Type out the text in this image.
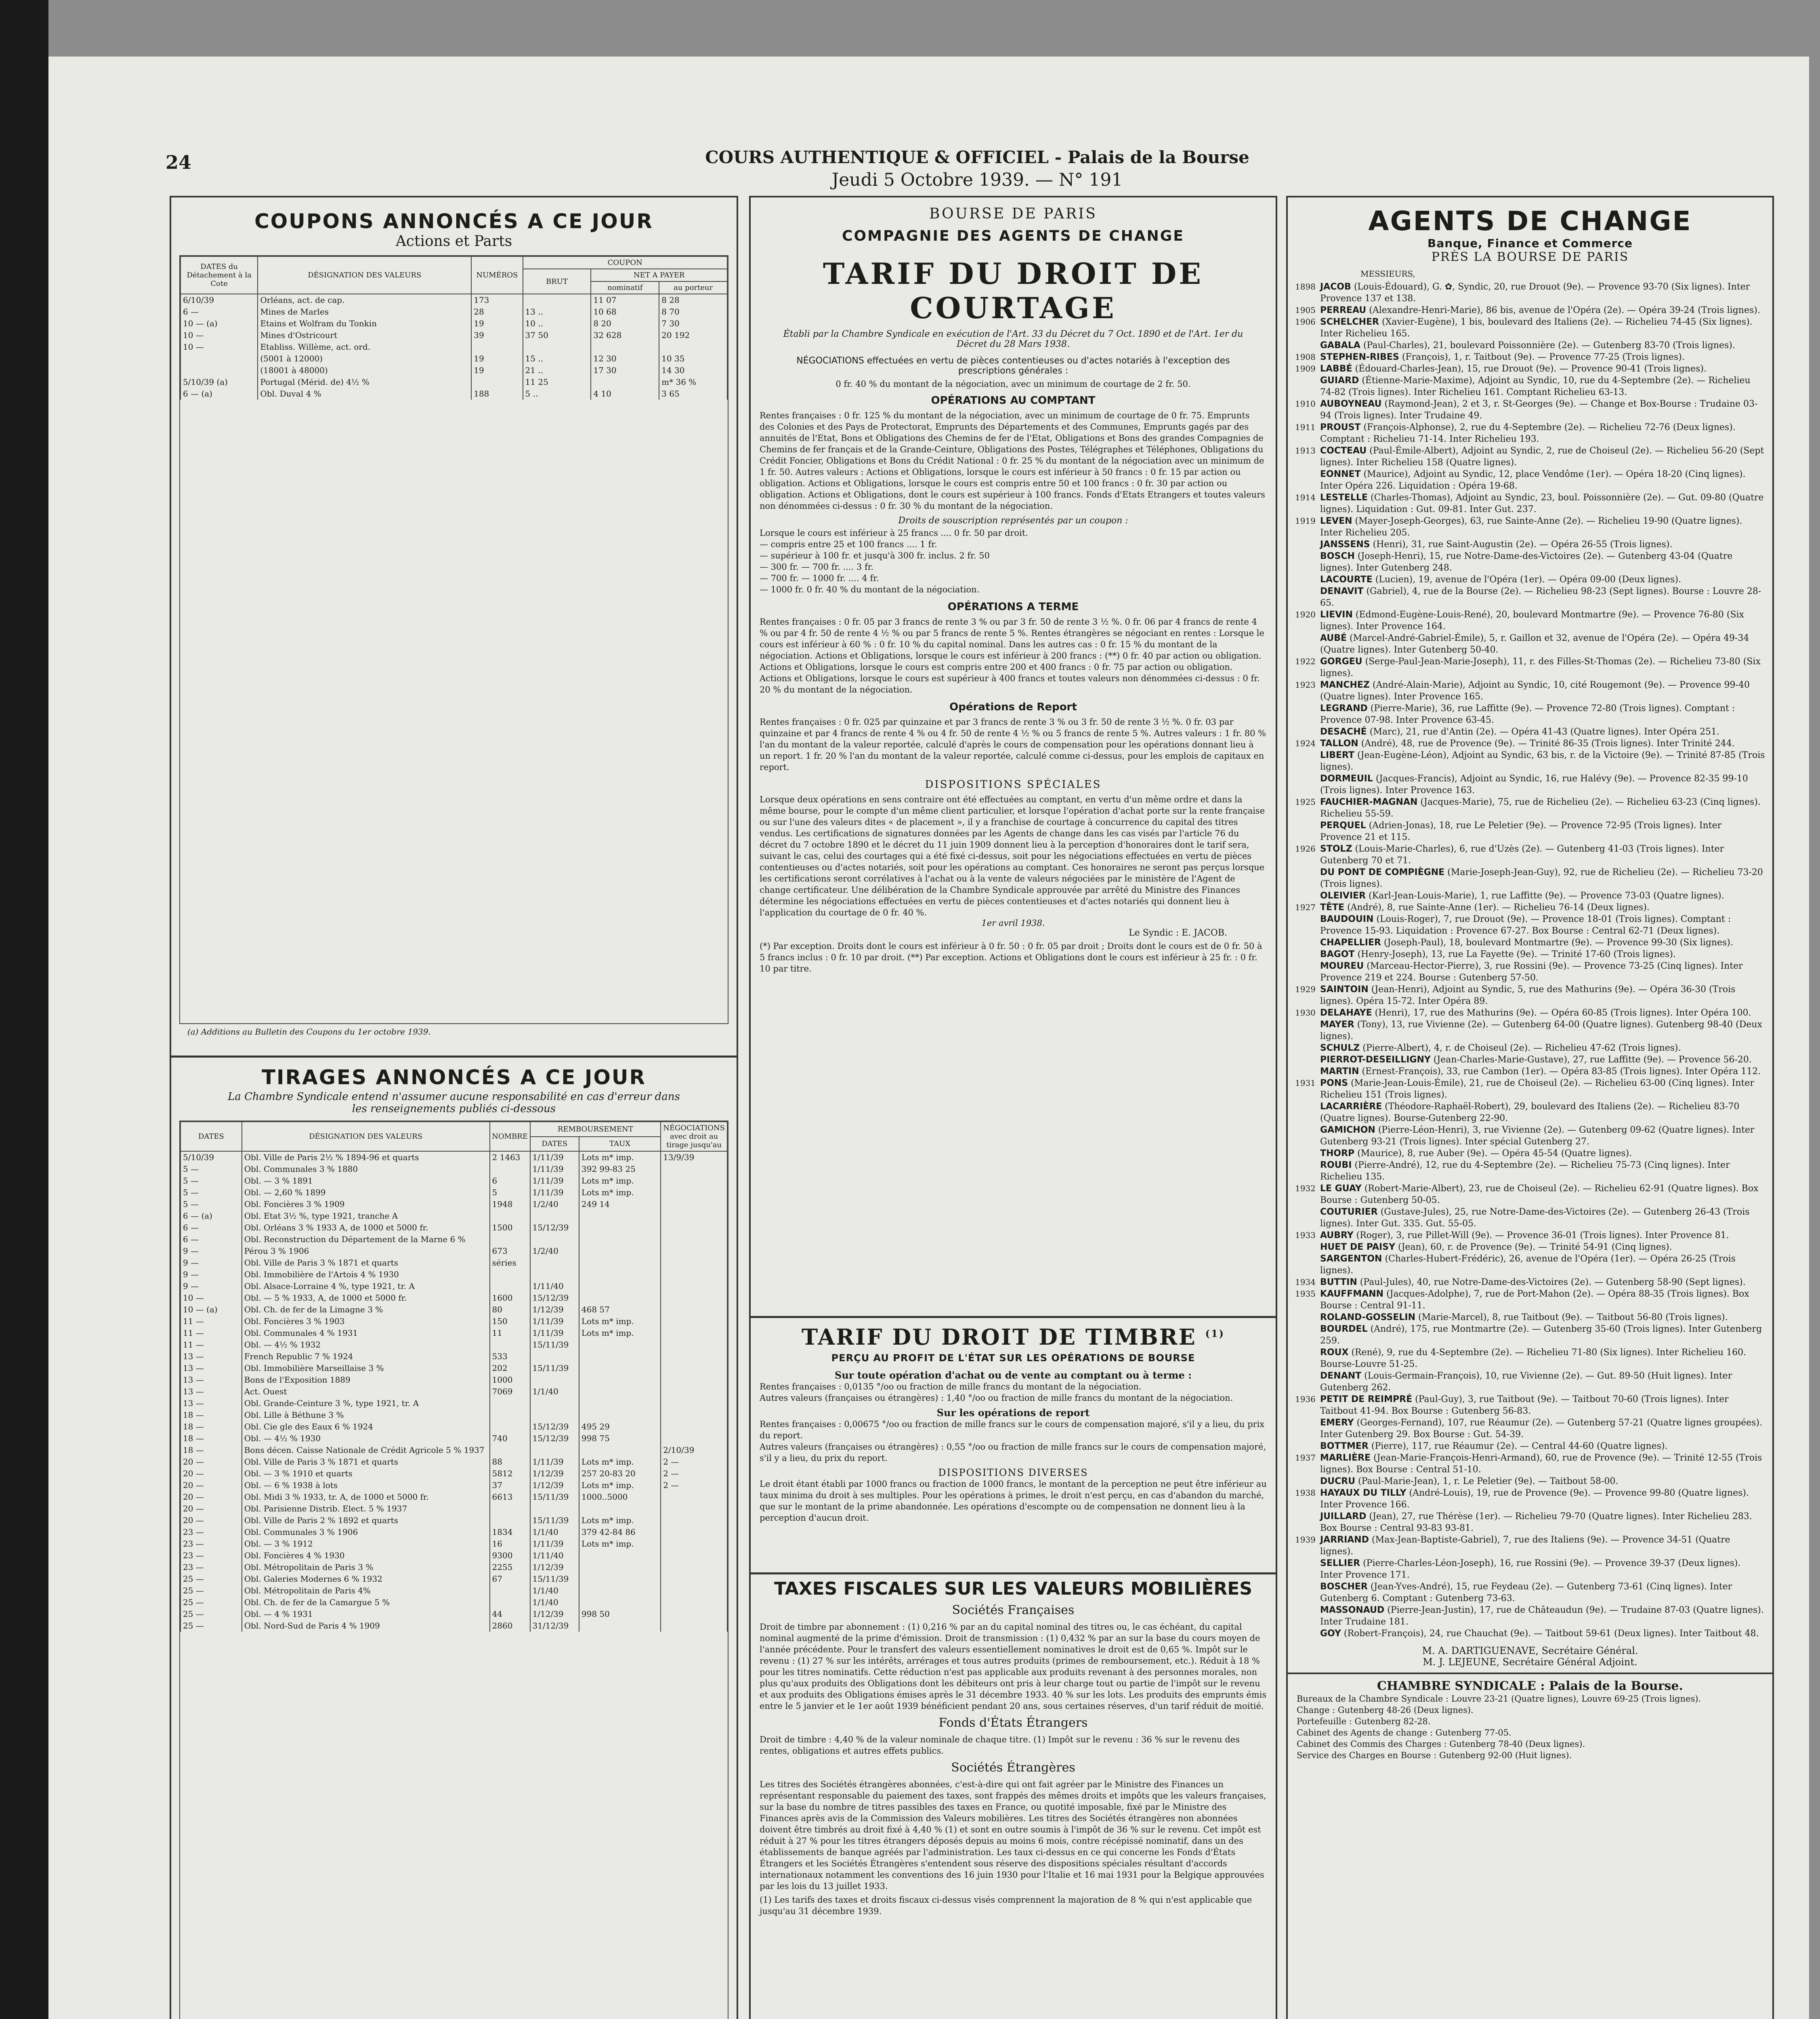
24	COURS AUTHENTIQUE & OFFICIEL - Palais de la Bourse
Jeudi 5 Octobre 1939. — N° 191
COUPONS ANNONCÉS A CE JOUR
Actions et Parts
DATES du Détachement à la Cote	DÉSIGNATION DES VALEURS	NUMÉROS	COUPON		
			BRUT	NET A PAYER	
				nominatif	au porteur
6/10/39	Orléans, act. de cap.	173		11 07	8 28
6 —	Mines de Marles	28	13 ..	10 68	8 70
10 — (a)	Etains et Wolfram du Tonkin	19	10 ..	8 20	7 30
10 —	Mines d'Ostricourt	39	37 50	32 628	20 192
10 —	Etabliss. Willème, act. ord.				
	(5001 à 12000)	19	15 ..	12 30	10 35
	(18001 à 48000)	19	21 ..	17 30	14 30
5/10/39 (a)	Portugal (Mérid. de) 4½ %		11 25		m* 36 %
6 — (a)	Obl. Duval 4 %	188	5 ..	4 10	3 65
(a) Additions au Bulletin des Coupons du 1er octobre 1939.
TIRAGES ANNONCÉS A CE JOUR
La Chambre Syndicale entend n'assumer aucune responsabilité en cas d'erreur dans les renseignements publiés ci-dessous
DATES	DÉSIGNATION DES VALEURS	NOMBRE	REMBOURSEMENT		NÉGOCIATIONS avec droit au tirage jusqu'au
			DATES	TAUX	
5/10/39	Obl. Ville de Paris 2½ % 1894-96 et quarts	2 1463	1/11/39	Lots m* imp.	13/9/39
5 —	Obl. Communales 3 % 1880		1/11/39	392 99-83 25	
5 —	Obl. — 3 % 1891	6	1/11/39	Lots m* imp.	
5 —	Obl. — 2,60 % 1899	5	1/11/39	Lots m* imp.	
5 —	Obl. Foncières 3 % 1909	1948	1/2/40	249 14	
6 — (a)	Obl. Etat 3½ %, type 1921, tranche A				
6 —	Obl. Orléans 3 % 1933 A, de 1000 et 5000 fr.	1500	15/12/39		
6 —	Obl. Reconstruction du Département de la Marne 6 %				
9 —	Pérou 3 % 1906	673	1/2/40		
9 —	Obl. Ville de Paris 3 % 1871 et quarts	séries			
9 —	Obl. Immobilière de l'Artois 4 % 1930				
9 —	Obl. Alsace-Lorraine 4 %, type 1921, tr. A		1/11/40		
10 —	Obl. — 5 % 1933, A, de 1000 et 5000 fr.	1600	15/12/39		
10 — (a)	Obl. Ch. de fer de la Limagne 3 %	80	1/12/39	468 57	
11 —	Obl. Foncières 3 % 1903	150	1/11/39	Lots m* imp.	
11 —	Obl. Communales 4 % 1931	11	1/11/39	Lots m* imp.	
11 —	Obl. — 4½ % 1932		15/11/39		
13 —	French Republic 7 % 1924	533			
13 —	Obl. Immobilière Marseillaise 3 %	202	15/11/39		
13 —	Bons de l'Exposition 1889	1000			
13 —	Act. Ouest	7069	1/1/40		
13 —	Obl. Grande-Ceinture 3 %, type 1921, tr. A				
18 —	Obl. Lille à Béthune 3 %				
18 —	Obl. Cie gle des Eaux 6 % 1924		15/12/39	495 29	
18 —	Obl. — 4½ % 1930	740	15/12/39	998 75	
18 —	Bons décen. Caisse Nationale de Crédit Agricole 5 % 1937				2/10/39
20 —	Obl. Ville de Paris 3 % 1871 et quarts	88	1/11/39	Lots m* imp.	2 —
20 —	Obl. — 3 % 1910 et quarts	5812	1/12/39	257 20-83 20	2 —
20 —	Obl. — 6 % 1938 à lots	37	1/12/39	Lots m* imp.	2 —
20 —	Obl. Midi 3 % 1933, tr. A, de 1000 et 5000 fr.	6613	15/11/39	1000..5000	
20 —	Obl. Parisienne Distrib. Elect. 5 % 1937				
20 —	Obl. Ville de Paris 2 % 1892 et quarts		15/11/39	Lots m* imp.	
23 —	Obl. Communales 3 % 1906	1834	1/1/40	379 42-84 86	
23 —	Obl. — 3 % 1912	16	1/11/39	Lots m* imp.	
23 —	Obl. Foncières 4 % 1930	9300	1/11/40		
23 —	Obl. Métropolitain de Paris 3 %	2255	1/12/39		
25 —	Obl. Galeries Modernes 6 % 1932	67	15/11/39		
25 —	Obl. Métropolitain de Paris 4%		1/1/40		
25 —	Obl. Ch. de fer de la Camargue 5 %		1/1/40		
25 —	Obl. — 4 % 1931	44	1/12/39	998 50	
25 —	Obl. Nord-Sud de Paris 4 % 1909	2860	31/12/39		
BOURSE DE PARIS
COMPAGNIE DES AGENTS DE CHANGE
TARIF DU DROIT DE COURTAGE
Établi par la Chambre Syndicale en exécution de l'Art. 33 du Décret du 7 Oct. 1890 et de l'Art. 1er du Décret du 28 Mars 1938.
NÉGOCIATIONS effectuées en vertu de pièces contentieuses ou d'actes notariés à l'exception des prescriptions générales :
0 fr. 40 % du montant de la négociation, avec un minimum de courtage de 2 fr. 50.
OPÉRATIONS AU COMPTANT
Rentes françaises : 0 fr. 125 % du montant de la négociation, avec un minimum de courtage de 0 fr. 75. Emprunts des Colonies et des Pays de Protectorat, Emprunts des Départements et des Communes, Emprunts gagés par des annuités de l'Etat, Bons et Obligations des Chemins de fer de l'Etat, Obligations et Bons des grandes Compagnies de Chemins de fer français et de la Grande-Ceinture, Obligations des Postes, Télégraphes et Téléphones, Obligations du Crédit Foncier, Obligations et Bons du Crédit National : 0 fr. 25 % du montant de la négociation avec un minimum de 1 fr. 50. Autres valeurs : Actions et Obligations, lorsque le cours est inférieur à 50 francs : 0 fr. 15 par action ou obligation. Actions et Obligations, lorsque le cours est compris entre 50 et 100 francs : 0 fr. 30 par action ou obligation. Actions et Obligations, dont le cours est supérieur à 100 francs. Fonds d'Etats Etrangers et toutes valeurs non dénommées ci-dessus : 0 fr. 30 % du montant de la négociation.
Droits de souscription représentés par un coupon :
Lorsque le cours est inférieur à 25 francs .... 0 fr. 50 par droit.
— compris entre 25 et 100 francs .... 1 fr.
— supérieur à 100 fr. et jusqu'à 300 fr. inclus. 2 fr. 50
— 300 fr. — 700 fr. .... 3 fr.
— 700 fr. — 1000 fr. .... 4 fr.
— 1000 fr. 0 fr. 40 % du montant de la négociation.
OPÉRATIONS A TERME
Rentes françaises : 0 fr. 05 par 3 francs de rente 3 % ou par 3 fr. 50 de rente 3 ½ %. 0 fr. 06 par 4 francs de rente 4 % ou par 4 fr. 50 de rente 4 ½ % ou par 5 francs de rente 5 %. Rentes étrangères se négociant en rentes : Lorsque le cours est inférieur à 60 % : 0 fr. 10 % du capital nominal. Dans les autres cas : 0 fr. 15 % du montant de la négociation. Actions et Obligations, lorsque le cours est inférieur à 200 francs : (**) 0 fr. 40 par action ou obligation. Actions et Obligations, lorsque le cours est compris entre 200 et 400 francs : 0 fr. 75 par action ou obligation. Actions et Obligations, lorsque le cours est supérieur à 400 francs et toutes valeurs non dénommées ci-dessus : 0 fr. 20 % du montant de la négociation.
Opérations de Report
Rentes françaises : 0 fr. 025 par quinzaine et par 3 francs de rente 3 % ou 3 fr. 50 de rente 3 ½ %. 0 fr. 03 par quinzaine et par 4 francs de rente 4 % ou 4 fr. 50 de rente 4 ½ % ou 5 francs de rente 5 %. Autres valeurs : 1 fr. 80 % l'an du montant de la valeur reportée, calculé d'après le cours de compensation pour les opérations donnant lieu à un report. 1 fr. 20 % l'an du montant de la valeur reportée, calculé comme ci-dessus, pour les emplois de capitaux en report.
DISPOSITIONS SPÉCIALES
Lorsque deux opérations en sens contraire ont été effectuées au comptant, en vertu d'un même ordre et dans la même bourse, pour le compte d'un même client particulier, et lorsque l'opération d'achat porte sur la rente française ou sur l'une des valeurs dites « de placement », il y a franchise de courtage à concurrence du capital des titres vendus. Les certifications de signatures données par les Agents de change dans les cas visés par l'article 76 du décret du 7 octobre 1890 et le décret du 11 juin 1909 donnent lieu à la perception d'honoraires dont le tarif sera, suivant le cas, celui des courtages qui a été fixé ci-dessus, soit pour les négociations effectuées en vertu de pièces contentieuses ou d'actes notariés, soit pour les opérations au comptant. Ces honoraires ne seront pas perçus lorsque les certifications seront corrélatives à l'achat ou à la vente de valeurs négociées par le ministère de l'Agent de change certificateur. Une délibération de la Chambre Syndicale approuvée par arrêté du Ministre des Finances détermine les négociations effectuées en vertu de pièces contentieuses et d'actes notariés qui donnent lieu à l'application du courtage de 0 fr. 40 %.
1er avril 1938.
Le Syndic : E. JACOB.
(*) Par exception. Droits dont le cours est inférieur à 0 fr. 50 : 0 fr. 05 par droit ; Droits dont le cours est de 0 fr. 50 à 5 francs inclus : 0 fr. 10 par droit. (**) Par exception. Actions et Obligations dont le cours est inférieur à 25 fr. : 0 fr. 10 par titre.
TARIF DU DROIT DE TIMBRE $^{(1)}$
PERÇU AU PROFIT DE L'ÉTAT SUR LES OPÉRATIONS DE BOURSE
Sur toute opération d'achat ou de vente au comptant ou à terme :
Rentes françaises : 0,0135 °/oo ou fraction de mille francs du montant de la négociation.
Autres valeurs (françaises ou étrangères) : 1,40 °/oo ou fraction de mille francs du montant de la négociation.
Sur les opérations de report
Rentes françaises : 0,00675 °/oo ou fraction de mille francs sur le cours de compensation majoré, s'il y a lieu, du prix du report.
Autres valeurs (françaises ou étrangères) : 0,55 °/oo ou fraction de mille francs sur le cours de compensation majoré, s'il y a lieu, du prix du report.
DISPOSITIONS DIVERSES
Le droit étant établi par 1000 francs ou fraction de 1000 francs, le montant de la perception ne peut être inférieur au taux minima du droit à ses multiples. Pour les opérations à primes, le droit n'est perçu, en cas d'abandon du marché, que sur le montant de la prime abandonnée. Les opérations d'escompte ou de compensation ne donnent lieu à la perception d'aucun droit.
TAXES FISCALES SUR LES VALEURS MOBILIÈRES
Sociétés Françaises
Droit de timbre par abonnement : (1) 0,216 % par an du capital nominal des titres ou, le cas échéant, du capital nominal augmenté de la prime d'émission. Droit de transmission : (1) 0,432 % par an sur la base du cours moyen de l'année précédente. Pour le transfert des valeurs essentiellement nominatives le droit est de 0,65 %. Impôt sur le revenu : (1) 27 % sur les intérêts, arrérages et tous autres produits (primes de remboursement, etc.). Réduit à 18 % pour les titres nominatifs. Cette réduction n'est pas applicable aux produits revenant à des personnes morales, non plus qu'aux produits des Obligations dont les débiteurs ont pris à leur charge tout ou partie de l'impôt sur le revenu et aux produits des Obligations émises après le 31 décembre 1933. 40 % sur les lots. Les produits des emprunts émis entre le 5 janvier et le 1er août 1939 bénéficient pendant 20 ans, sous certaines réserves, d'un tarif réduit de moitié.
Fonds d'États Étrangers
Droit de timbre : 4,40 % de la valeur nominale de chaque titre. (1) Impôt sur le revenu : 36 % sur le revenu des rentes, obligations et autres effets publics.
Sociétés Étrangères
Les titres des Sociétés étrangères abonnées, c'est-à-dire qui ont fait agréer par le Ministre des Finances un représentant responsable du paiement des taxes, sont frappés des mêmes droits et impôts que les valeurs françaises, sur la base du nombre de titres passibles des taxes en France, ou quotité imposable, fixé par le Ministre des Finances après avis de la Commission des Valeurs mobilières. Les titres des Sociétés étrangères non abonnées doivent être timbrés au droit fixé à 4,40 % (1) et sont en outre soumis à l'impôt de 36 % sur le revenu. Cet impôt est réduit à 27 % pour les titres étrangers déposés depuis au moins 6 mois, contre récépissé nominatif, dans un des établissements de banque agréés par l'administration. Les taux ci-dessus en ce qui concerne les Fonds d'États Étrangers et les Sociétés Étrangères s'entendent sous réserve des dispositions spéciales résultant d'accords internationaux notamment les conventions des 16 juin 1930 pour l'Italie et 16 mai 1931 pour la Belgique approuvées par les lois du 13 juillet 1933.
(1) Les tarifs des taxes et droits fiscaux ci-dessus visés comprennent la majoration de 8 % qui n'est applicable que jusqu'au 31 décembre 1939.
AGENTS DE CHANGE
Banque, Finance et Commerce
PRÈS LA BOURSE DE PARIS
MESSIEURS,
1898 JACOB (Louis-Édouard), G. ✿, Syndic, 20, rue Drouot (9e). — Provence 93-70 (Six lignes). Inter Provence 137 et 138.
1905 PERREAU (Alexandre-Henri-Marie), 86 bis, avenue de l'Opéra (2e). — Opéra 39-24 (Trois lignes).
1906 SCHELCHER (Xavier-Eugène), 1 bis, boulevard des Italiens (2e). — Richelieu 74-45 (Six lignes). Inter Richelieu 165.
GABALA (Paul-Charles), 21, boulevard Poissonnière (2e). — Gutenberg 83-70 (Trois lignes).
1908 STEPHEN-RIBES (François), 1, r. Taitbout (9e). — Provence 77-25 (Trois lignes).
1909 LABBÉ (Édouard-Charles-Jean), 15, rue Drouot (9e). — Provence 90-41 (Trois lignes).
GUIARD (Étienne-Marie-Maxime), Adjoint au Syndic, 10, rue du 4-Septembre (2e). — Richelieu 74-82 (Trois lignes). Inter Richelieu 161. Comptant Richelieu 63-13.
1910 AUBOYNEAU (Raymond-Jean), 2 et 3, r. St-Georges (9e). — Change et Box-Bourse : Trudaine 03-94 (Trois lignes). Inter Trudaine 49.
1911 PROUST (François-Alphonse), 2, rue du 4-Septembre (2e). — Richelieu 72-76 (Deux lignes). Comptant : Richelieu 71-14. Inter Richelieu 193.
1913 COCTEAU (Paul-Émile-Albert), Adjoint au Syndic, 2, rue de Choiseul (2e). — Richelieu 56-20 (Sept lignes). Inter Richelieu 158 (Quatre lignes).
EONNET (Maurice), Adjoint au Syndic, 12, place Vendôme (1er). — Opéra 18-20 (Cinq lignes). Inter Opéra 226. Liquidation : Opéra 19-68.
1914 LESTELLE (Charles-Thomas), Adjoint au Syndic, 23, boul. Poissonnière (2e). — Gut. 09-80 (Quatre lignes). Liquidation : Gut. 09-81. Inter Gut. 237.
1919 LEVEN (Mayer-Joseph-Georges), 63, rue Sainte-Anne (2e). — Richelieu 19-90 (Quatre lignes). Inter Richelieu 205.
JANSSENS (Henri), 31, rue Saint-Augustin (2e). — Opéra 26-55 (Trois lignes).
BOSCH (Joseph-Henri), 15, rue Notre-Dame-des-Victoires (2e). — Gutenberg 43-04 (Quatre lignes). Inter Gutenberg 248.
LACOURTE (Lucien), 19, avenue de l'Opéra (1er). — Opéra 09-00 (Deux lignes).
DENAVIT (Gabriel), 4, rue de la Bourse (2e). — Richelieu 98-23 (Sept lignes). Bourse : Louvre 28-65.
1920 LIEVIN (Edmond-Eugène-Louis-René), 20, boulevard Montmartre (9e). — Provence 76-80 (Six lignes). Inter Provence 164.
AUBÉ (Marcel-André-Gabriel-Émile), 5, r. Gaillon et 32, avenue de l'Opéra (2e). — Opéra 49-34 (Quatre lignes). Inter Gutenberg 50-40.
1922 GORGEU (Serge-Paul-Jean-Marie-Joseph), 11, r. des Filles-St-Thomas (2e). — Richelieu 73-80 (Six lignes).
1923 MANCHEZ (André-Alain-Marie), Adjoint au Syndic, 10, cité Rougemont (9e). — Provence 99-40 (Quatre lignes). Inter Provence 165.
LEGRAND (Pierre-Marie), 36, rue Laffitte (9e). — Provence 72-80 (Trois lignes). Comptant : Provence 07-98. Inter Provence 63-45.
DESACHÉ (Marc), 21, rue d'Antin (2e). — Opéra 41-43 (Quatre lignes). Inter Opéra 251.
1924 TALLON (André), 48, rue de Provence (9e). — Trinité 86-35 (Trois lignes). Inter Trinité 244.
LIBERT (Jean-Eugène-Léon), Adjoint au Syndic, 63 bis, r. de la Victoire (9e). — Trinité 87-85 (Trois lignes).
DORMEUIL (Jacques-Francis), Adjoint au Syndic, 16, rue Halévy (9e). — Provence 82-35 99-10 (Trois lignes). Inter Provence 163.
1925 FAUCHIER-MAGNAN (Jacques-Marie), 75, rue de Richelieu (2e). — Richelieu 63-23 (Cinq lignes). Richelieu 55-59.
PERQUEL (Adrien-Jonas), 18, rue Le Peletier (9e). — Provence 72-95 (Trois lignes). Inter Provence 21 et 115.
1926 STOLZ (Louis-Marie-Charles), 6, rue d'Uzès (2e). — Gutenberg 41-03 (Trois lignes). Inter Gutenberg 70 et 71.
DU PONT DE COMPIÈGNE (Marie-Joseph-Jean-Guy), 92, rue de Richelieu (2e). — Richelieu 73-20 (Trois lignes).
OLEIVIER (Karl-Jean-Louis-Marie), 1, rue Laffitte (9e). — Provence 73-03 (Quatre lignes).
1927 TÊTE (André), 8, rue Sainte-Anne (1er). — Richelieu 76-14 (Deux lignes).
BAUDOUIN (Louis-Roger), 7, rue Drouot (9e). — Provence 18-01 (Trois lignes). Comptant : Provence 15-93. Liquidation : Provence 67-27. Box Bourse : Central 62-71 (Deux lignes).
CHAPELLIER (Joseph-Paul), 18, boulevard Montmartre (9e). — Provence 99-30 (Six lignes).
BAGOT (Henry-Joseph), 13, rue La Fayette (9e). — Trinité 17-60 (Trois lignes).
MOUREU (Marceau-Hector-Pierre), 3, rue Rossini (9e). — Provence 73-25 (Cinq lignes). Inter Provence 219 et 224. Bourse : Gutenberg 57-50.
1929 SAINTOIN (Jean-Henri), Adjoint au Syndic, 5, rue des Mathurins (9e). — Opéra 36-30 (Trois lignes). Opéra 15-72. Inter Opéra 89.
1930 DELAHAYE (Henri), 17, rue des Mathurins (9e). — Opéra 60-85 (Trois lignes). Inter Opéra 100.
MAYER (Tony), 13, rue Vivienne (2e). — Gutenberg 64-00 (Quatre lignes). Gutenberg 98-40 (Deux lignes).
SCHULZ (Pierre-Albert), 4, r. de Choiseul (2e). — Richelieu 47-62 (Trois lignes).
PIERROT-DESEILLIGNY (Jean-Charles-Marie-Gustave), 27, rue Laffitte (9e). — Provence 56-20.
MARTIN (Ernest-François), 33, rue Cambon (1er). — Opéra 83-85 (Trois lignes). Inter Opéra 112.
1931 PONS (Marie-Jean-Louis-Émile), 21, rue de Choiseul (2e). — Richelieu 63-00 (Cinq lignes). Inter Richelieu 151 (Trois lignes).
LACARRIÈRE (Théodore-Raphaël-Robert), 29, boulevard des Italiens (2e). — Richelieu 83-70 (Quatre lignes). Bourse-Gutenberg 22-90.
GAMICHON (Pierre-Léon-Henri), 3, rue Vivienne (2e). — Gutenberg 09-62 (Quatre lignes). Inter Gutenberg 93-21 (Trois lignes). Inter spécial Gutenberg 27.
THORP (Maurice), 8, rue Auber (9e). — Opéra 45-54 (Quatre lignes).
ROUBI (Pierre-André), 12, rue du 4-Septembre (2e). — Richelieu 75-73 (Cinq lignes). Inter Richelieu 135.
1932 LE GUAY (Robert-Marie-Albert), 23, rue de Choiseul (2e). — Richelieu 62-91 (Quatre lignes). Box Bourse : Gutenberg 50-05.
COUTURIER (Gustave-Jules), 25, rue Notre-Dame-des-Victoires (2e). — Gutenberg 26-43 (Trois lignes). Inter Gut. 335. Gut. 55-05.
1933 AUBRY (Roger), 3, rue Pillet-Will (9e). — Provence 36-01 (Trois lignes). Inter Provence 81.
HUET DE PAISY (Jean), 60, r. de Provence (9e). — Trinité 54-91 (Cinq lignes).
SARGENTON (Charles-Hubert-Frédéric), 26, avenue de l'Opéra (1er). — Opéra 26-25 (Trois lignes).
1934 BUTTIN (Paul-Jules), 40, rue Notre-Dame-des-Victoires (2e). — Gutenberg 58-90 (Sept lignes).
1935 KAUFFMANN (Jacques-Adolphe), 7, rue de Port-Mahon (2e). — Opéra 88-35 (Trois lignes). Box Bourse : Central 91-11.
ROLAND-GOSSELIN (Marie-Marcel), 8, rue Taitbout (9e). — Taitbout 56-80 (Trois lignes).
BOURDEL (André), 175, rue Montmartre (2e). — Gutenberg 35-60 (Trois lignes). Inter Gutenberg 259.
ROUX (René), 9, rue du 4-Septembre (2e). — Richelieu 71-80 (Six lignes). Inter Richelieu 160. Bourse-Louvre 51-25.
DENANT (Louis-Germain-François), 10, rue Vivienne (2e). — Gut. 89-50 (Huit lignes). Inter Gutenberg 262.
1936 PETIT DE REIMPRÉ (Paul-Guy), 3, rue Taitbout (9e). — Taitbout 70-60 (Trois lignes). Inter Taitbout 41-94. Box Bourse : Gutenberg 56-83.
EMERY (Georges-Fernand), 107, rue Réaumur (2e). — Gutenberg 57-21 (Quatre lignes groupées). Inter Gutenberg 29. Box Bourse : Gut. 54-39.
BOTTMER (Pierre), 117, rue Réaumur (2e). — Central 44-60 (Quatre lignes).
1937 MARLIÈRE (Jean-Marie-François-Henri-Armand), 60, rue de Provence (9e). — Trinité 12-55 (Trois lignes). Box Bourse : Central 51-10.
DUCRU (Paul-Marie-Jean), 1, r. Le Peletier (9e). — Taitbout 58-00.
1938 HAYAUX DU TILLY (André-Louis), 19, rue de Provence (9e). — Provence 99-80 (Quatre lignes). Inter Provence 166.
JUILLARD (Jean), 27, rue Thérèse (1er). — Richelieu 79-70 (Quatre lignes). Inter Richelieu 283. Box Bourse : Central 93-83 93-81.
1939 JARRIAND (Max-Jean-Baptiste-Gabriel), 7, rue des Italiens (9e). — Provence 34-51 (Quatre lignes).
SELLIER (Pierre-Charles-Léon-Joseph), 16, rue Rossini (9e). — Provence 39-37 (Deux lignes). Inter Provence 171.
BOSCHER (Jean-Yves-André), 15, rue Feydeau (2e). — Gutenberg 73-61 (Cinq lignes). Inter Gutenberg 6. Comptant : Gutenberg 73-63.
MASSONAUD (Pierre-Jean-Justin), 17, rue de Châteaudun (9e). — Trudaine 87-03 (Quatre lignes). Inter Trudaine 181.
GOY (Robert-François), 24, rue Chauchat (9e). — Taitbout 59-61 (Deux lignes). Inter Taitbout 48.
M. A. DARTIGUENAVE, Secrétaire Général.
M. J. LEJEUNE, Secrétaire Général Adjoint.
CHAMBRE SYNDICALE : Palais de la Bourse.
Bureaux de la Chambre Syndicale : Louvre 23-21 (Quatre lignes), Louvre 69-25 (Trois lignes).
Change : Gutenberg 48-26 (Deux lignes).
Portefeuille : Gutenberg 82-28.
Cabinet des Agents de change : Gutenberg 77-05.
Cabinet des Commis des Charges : Gutenberg 78-40 (Deux lignes).
Service des Charges en Bourse : Gutenberg 92-00 (Huit lignes).
